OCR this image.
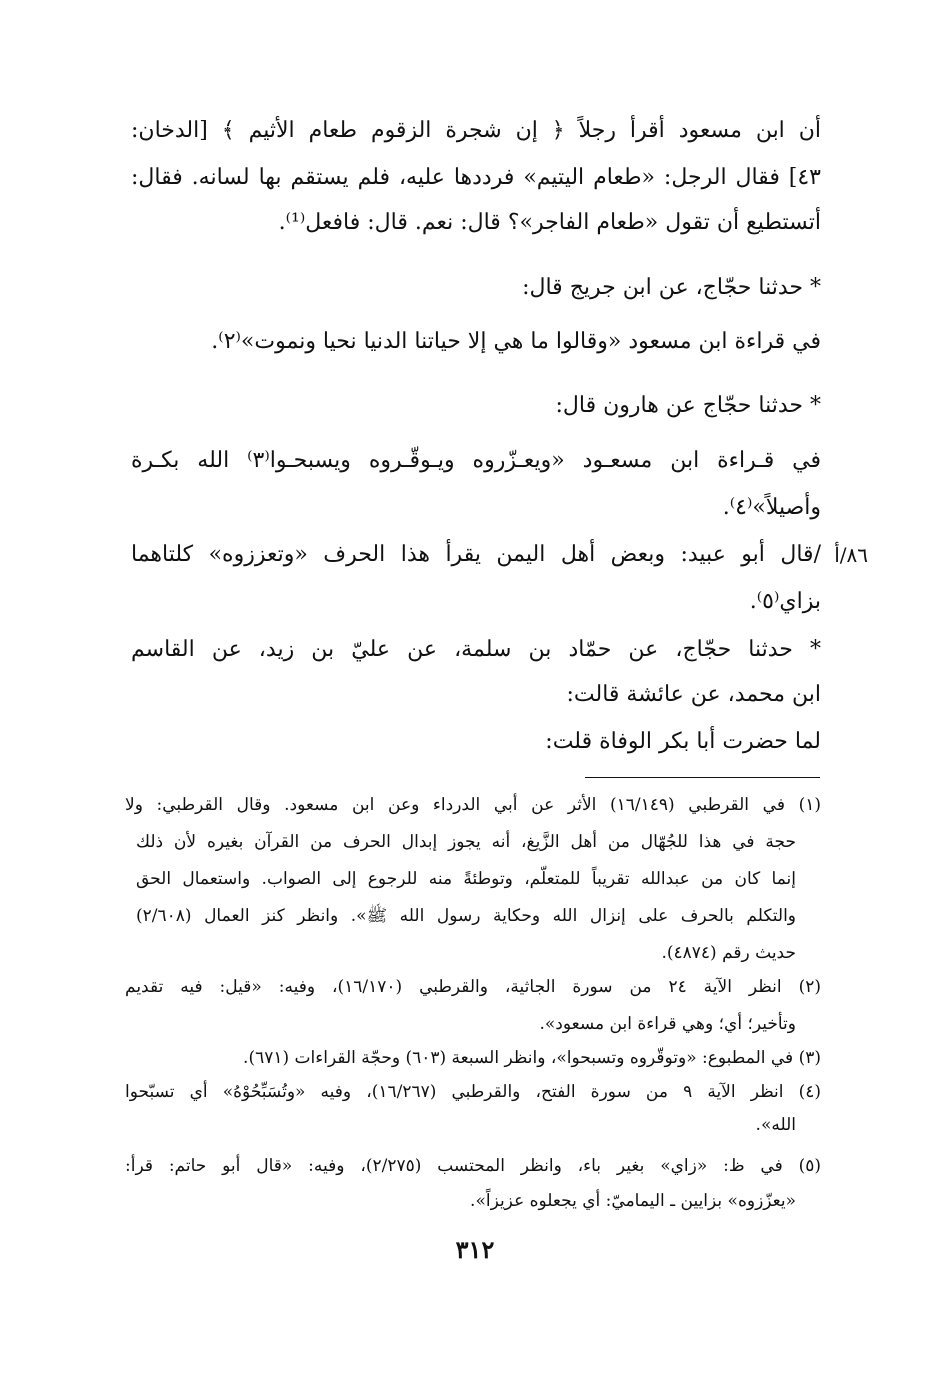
أن ابن مسعود أقرأ رجلاً ﴿ إن شجرة الزقوم طعام الأثيم ﴾ [الدخان:
٤٣] فقال الرجل: «طعام اليتيم» فرددها عليه، فلم يستقم بها لسانه. فقال:
أتستطيع أن تقول «طعام الفاجر»؟ قال: نعم. قال: فافعل⁽¹⁾.
* حدثنا حجّاج، عن ابن جريج قال:
في قراءة ابن مسعود «وقالوا ما هي إلا حياتنا الدنيا نحيا ونموت»⁽٢⁾.
* حدثنا حجّاج عن هارون قال:
في قـراءة ابن مسعـود «ويعـزّروه ويـوقّـروه ويسبحـوا⁽٣⁾ الله بكـرة
وأصيلاً»⁽٤⁾.
٨٦/أ
/قال أبو عبيد: وبعض أهل اليمن يقرأ هذا الحرف «وتعززوه» كلتاهما
بزاي⁽٥⁾.
* حدثنا حجّاج، عن حمّاد بن سلمة، عن عليّ بن زيد، عن القاسم
ابن محمد، عن عائشة قالت:
لما حضرت أبا بكر الوفاة قلت:
(١) في القرطبي (١٦/١٤٩) الأثر عن أبي الدرداء وعن ابن مسعود. وقال القرطبي: ولا
حجة في هذا للجُهّال من أهل الزَّيغ، أنه يجوز إبدال الحرف من القرآن بغيره لأن ذلك
إنما كان من عبدالله تقريباً للمتعلّم، وتوطئةً منه للرجوع إلى الصواب. واستعمال الحق
والتكلم بالحرف على إنزال الله وحكاية رسول الله ﷺ». وانظر كنز العمال (٢/٦٠٨)
حديث رقم (٤٨٧٤).
(٢) انظر الآية ٢٤ من سورة الجاثية، والقرطبي (١٦/١٧٠)، وفيه: «قيل: فيه تقديم
وتأخير؛ أي؛ وهي قراءة ابن مسعود».
(٣) في المطبوع: «وتوقّروه وتسبحوا»، وانظر السبعة (٦٠٣) وحجّة القراءات (٦٧١).
(٤) انظر الآية ٩ من سورة الفتح، والقرطبي (١٦/٢٦٧)، وفيه «وتُسَبِّحُوْهُ» أي تسبّحوا
الله».
(٥) في ظ: «زاي» بغير باء، وانظر المحتسب (٢/٢٧٥)، وفيه: «قال أبو حاتم: قرأ:
«يعزّزوه» بزايين ـ اليماميّ: أي يجعلوه عزيزاً».
٣١٢
